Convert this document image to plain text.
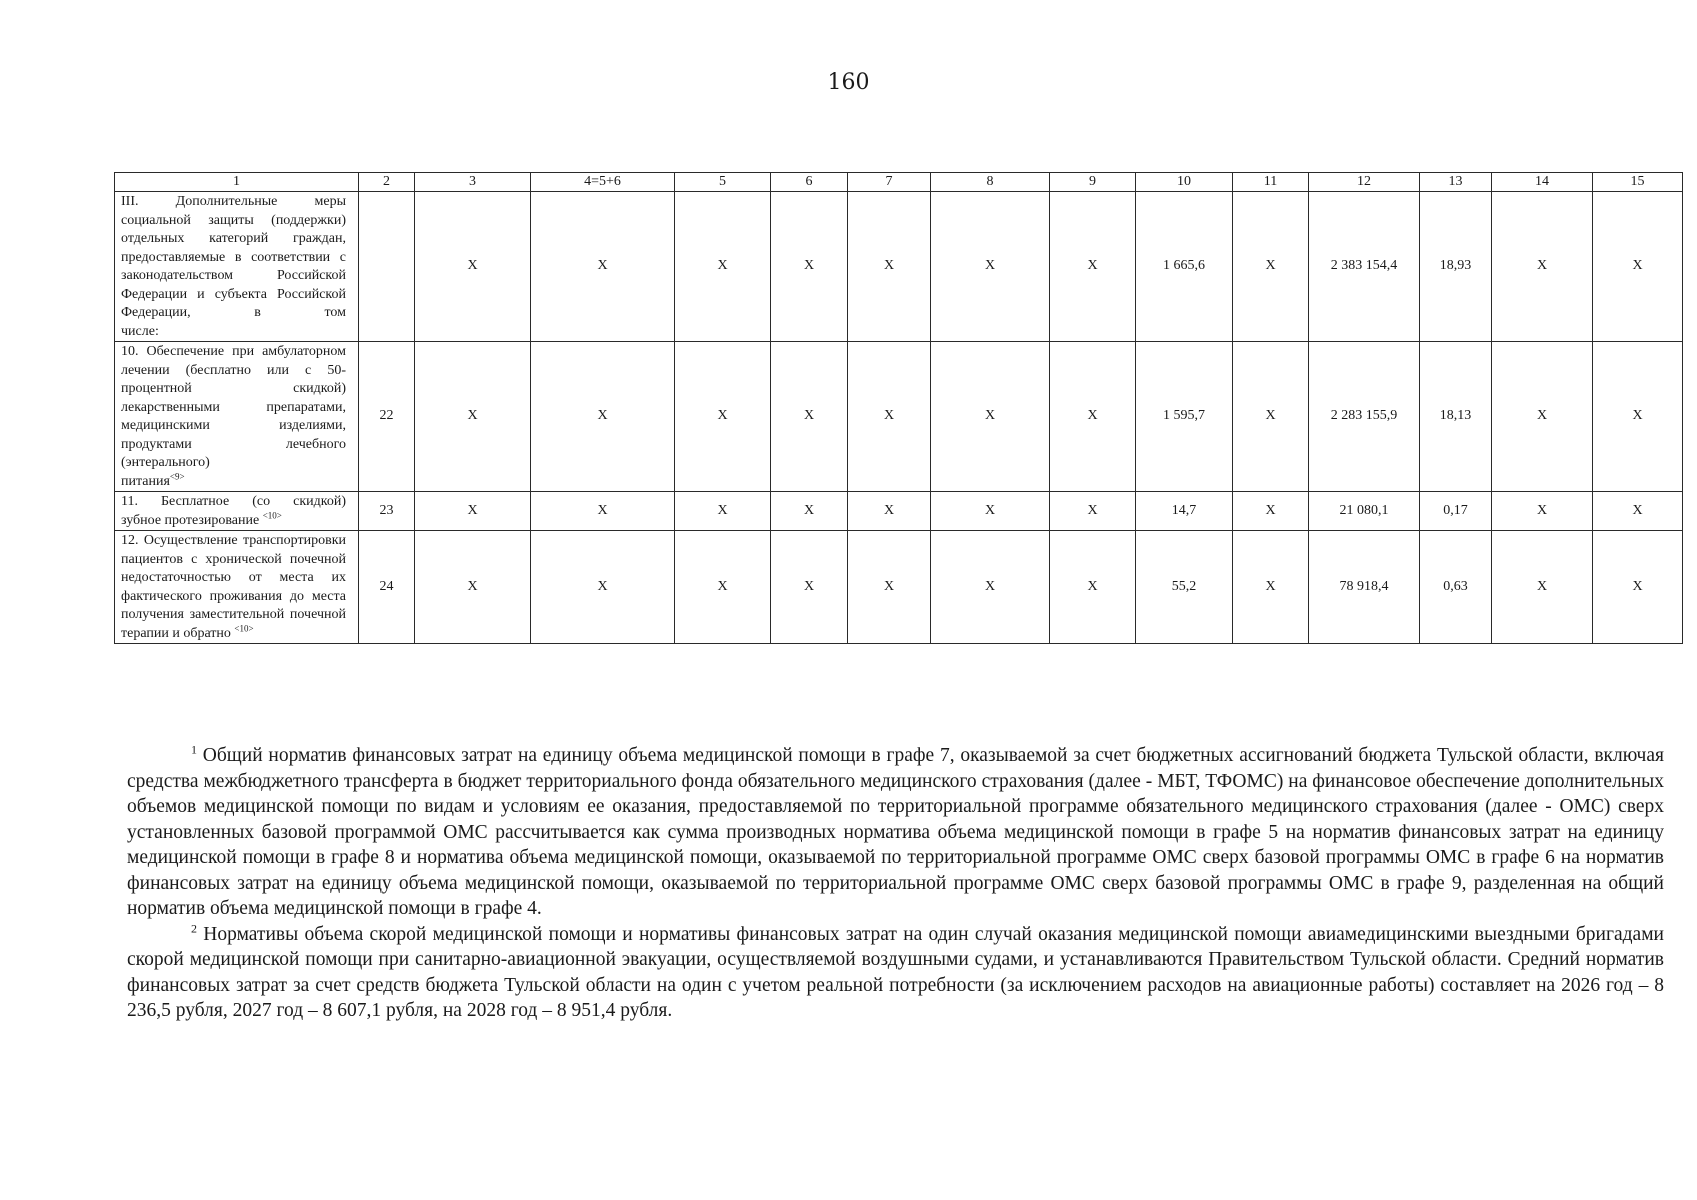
160
1	2	3	4=5+6	5	6	7	8	9	10	11	12	13	14	15
III. Дополнительные меры социальной защиты (поддержки) отдельных категорий граждан, предоставляемые в соответствии с законодательством Российской Федерации и субъекта Российской Федерации, в том
числе:		Х	Х	Х	Х	Х	Х	Х	1 665,6	Х	2 383 154,4	18,93	Х	Х
10. Обеспечение при амбулаторном лечении (бесплатно или с 50-процентной скидкой) лекарственными препаратами, медицинскими изделиями, продуктами лечебного (энтерального)
питания$^{<9>}$	22	Х	Х	Х	Х	Х	Х	Х	1 595,7	Х	2 283 155,9	18,13	Х	Х
11. Бесплатное (со скидкой)
зубное протезирование $^{<10>}$	23	Х	Х	Х	Х	Х	Х	Х	14,7	Х	21 080,1	0,17	Х	Х
12. Осуществление транспортировки пациентов с хронической почечной недостаточностью от места их фактического проживания до места получения заместительной почечной
терапии и обратно $^{<10>}$	24	Х	Х	Х	Х	Х	Х	Х	55,2	Х	78 918,4	0,63	Х	Х

$^1$ Общий норматив финансовых затрат на единицу объема медицинской помощи в графе 7, оказываемой за счет бюджетных ассигнований бюджета Тульской области, включая средства межбюджетного трансферта в бюджет территориального фонда обязательного медицинского страхования (далее - МБТ, ТФОМС) на финансовое обеспечение дополнительных объемов медицинской помощи по видам и условиям ее оказания, предоставляемой по территориальной программе обязательного медицинского страхования (далее - ОМС) сверх установленных базовой программой ОМС рассчитывается как сумма производных норматива объема медицинской помощи в графе 5 на норматив финансовых затрат на единицу медицинской помощи в графе 8 и норматива объема медицинской помощи, оказываемой по территориальной программе ОМС сверх базовой программы ОМС в графе 6 на норматив финансовых затрат на единицу объема медицинской помощи, оказываемой по территориальной программе ОМС сверх базовой программы ОМС в графе 9, разделенная на общий норматив объема медицинской помощи в графе 4.

$^2$ Нормативы объема скорой медицинской помощи и нормативы финансовых затрат на один случай оказания медицинской помощи авиамедицинскими выездными бригадами скорой медицинской помощи при санитарно-авиационной эвакуации, осуществляемой воздушными судами, и устанавливаются Правительством Тульской области. Средний норматив финансовых затрат за счет средств бюджета Тульской области на один с учетом реальной потребности (за исключением расходов на авиационные работы) составляет на 2026 год – 8 236,5 рубля, 2027 год – 8 607,1 рубля, на 2028 год – 8 951,4 рубля.
